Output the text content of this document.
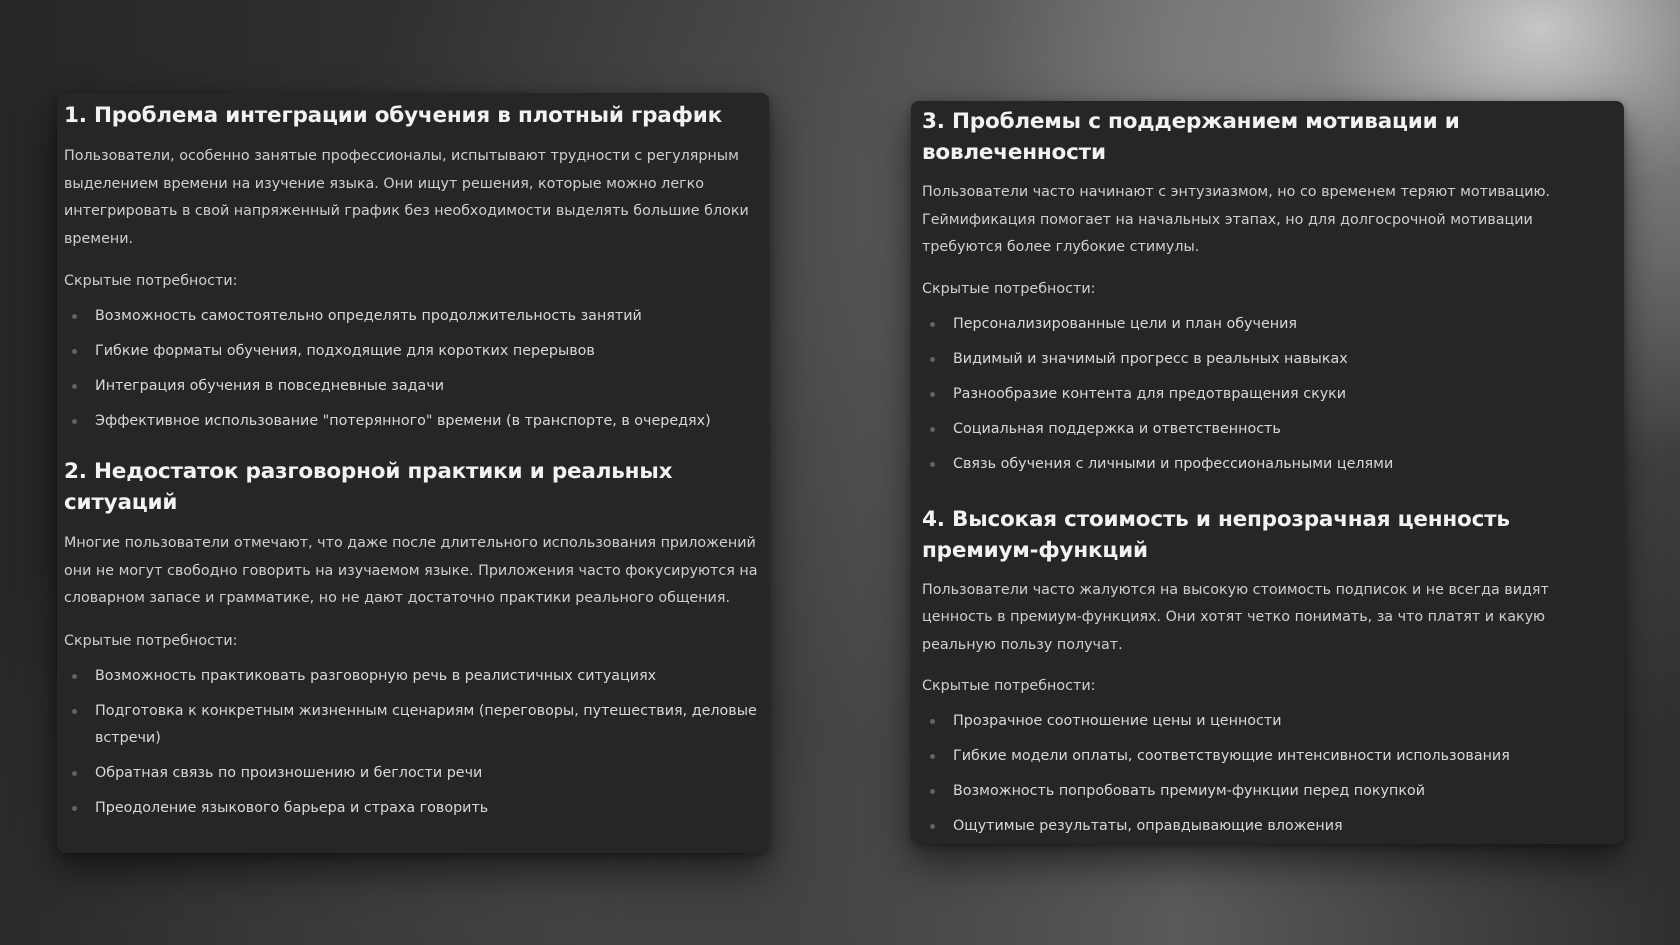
1. Проблема интеграции обучения в плотный график

Пользователи, особенно занятые профессионалы, испытывают трудности с регулярным выделением времени на изучение языка. Они ищут решения, которые можно легко интегрировать в свой напряженный график без необходимости выделять большие блоки времени.

Скрытые потребности:
Возможность самостоятельно определять продолжительность занятий
Гибкие форматы обучения, подходящие для коротких перерывов
Интеграция обучения в повседневные задачи
Эффективное использование "потерянного" времени (в транспорте, в очередях)
2. Недостаток разговорной практики и реальных ситуаций

Многие пользователи отмечают, что даже после длительного использования приложений они не могут свободно говорить на изучаемом языке. Приложения часто фокусируются на словарном запасе и грамматике, но не дают достаточно практики реального общения.

Скрытые потребности:
Возможность практиковать разговорную речь в реалистичных ситуациях
Подготовка к конкретным жизненным сценариям (переговоры, путешествия, деловые встречи)
Обратная связь по произношению и беглости речи
Преодоление языкового барьера и страха говорить
3. Проблемы с поддержанием мотивации и вовлеченности

Пользователи часто начинают с энтузиазмом, но со временем теряют мотивацию. Геймификация помогает на начальных этапах, но для долгосрочной мотивации требуются более глубокие стимулы.

Скрытые потребности:
Персонализированные цели и план обучения
Видимый и значимый прогресс в реальных навыках
Разнообразие контента для предотвращения скуки
Социальная поддержка и ответственность
Связь обучения с личными и профессиональными целями
4. Высокая стоимость и непрозрачная ценность премиум-функций

Пользователи часто жалуются на высокую стоимость подписок и не всегда видят ценность в премиум-функциях. Они хотят четко понимать, за что платят и какую реальную пользу получат.

Скрытые потребности:
Прозрачное соотношение цены и ценности
Гибкие модели оплаты, соответствующие интенсивности использования
Возможность попробовать премиум-функции перед покупкой
Ощутимые результаты, оправдывающие вложения
